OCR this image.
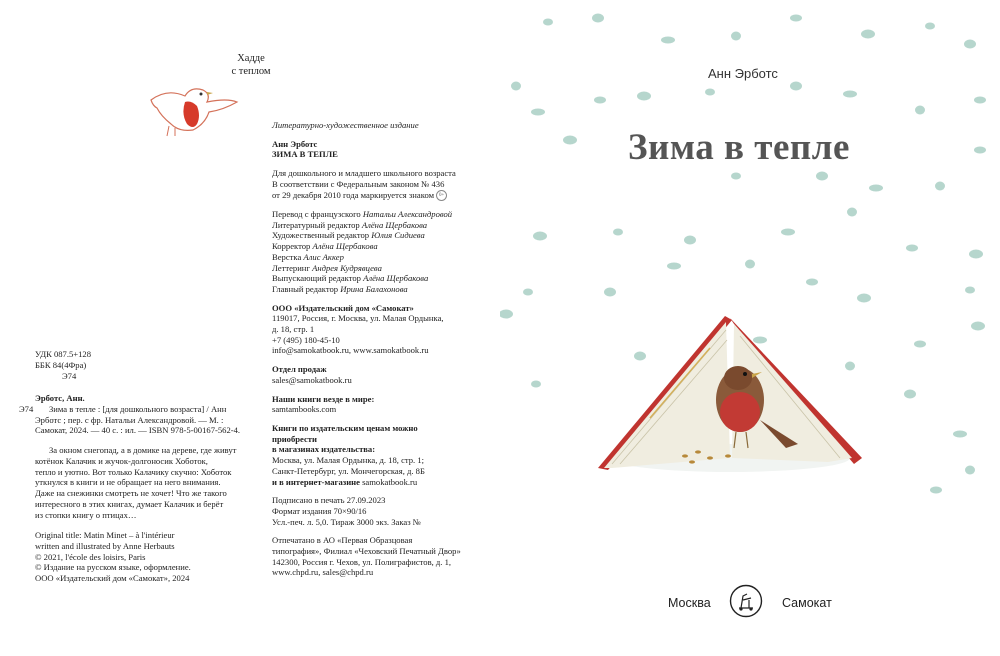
Хадде
с теплом
Литературно-художественное издание
Анн Эрботс
ЗИМА В ТЕПЛЕ
Для дошкольного и младшего школьного возраста
В соответствии с Федеральным законом № 436
от 29 декабря 2010 года маркируется знаком 0+
Перевод с французского Натальи Александровой
Литературный редактор Алёна Щербакова
Художественный редактор Юлия Сидиева
Корректор Алёна Щербакова
Верстка Алис Аккер
Леттеринг Андрея Кудрявцева
Выпускающий редактор Алёна Щербакова
Главный редактор Ирина Балахонова
ООО «Издательский дом «Самокат»
119017, Россия, г. Москва, ул. Малая Ордынка,
д. 18, стр. 1
+7 (495) 180-45-10
info@samokatbook.ru, www.samokatbook.ru
Отдел продаж
sales@samokatbook.ru
Наши книги везде в мире:
samtambooks.com
Книги по издательским ценам можно
приобрести
в магазинах издательства:
Москва, ул. Малая Ордынка, д. 18, стр. 1;
Санкт-Петербург, ул. Мончегорская, д. 8Б
и в интернет-магазине samokatbook.ru
Подписано в печать 27.09.2023
Формат издания 70×90/16
Усл.-печ. л. 5,0. Тираж 3000 экз. Заказ №
Отпечатано в АО «Первая Образцовая
типография», Филиал «Чеховский Печатный Двор»
142300, Россия г. Чехов, ул. Полиграфистов, д. 1,
www.chpd.ru, sales@chpd.ru
УДК 087.5+128
ББК 84(4Фра)
Э74
Эрботс, Анн.
Э74	Зима в тепле : [для дошкольного возраста] / Анн
Эрботс ; пер. с фр. Натальи Александровой. — М. :
Самокат, 2024. — 40 с. : ил. — ISBN 978-5-00167-562-4.
За окном снегопад, а в домике на дереве, где живут
котёнок Калачик и жучок-долгоносик Хоботок,
тепло и уютно. Вот только Калачику скучно: Хоботок
уткнулся в книги и не обращает на него внимания.
Даже на снежинки смотреть не хочет! Что же такого
интересного в этих книгах, думает Калачик и берёт
из стопки книгу о птицах…
Original title: Matin Minet – à l'intérieur
written and illustrated by Anne Herbauts
© 2021, l'école des loisirs, Paris
© Издание на русском языке, оформление.
ООО «Издательский дом «Самокат», 2024
Анн Эрботс
Зима в тепле
Москва	Самокат
